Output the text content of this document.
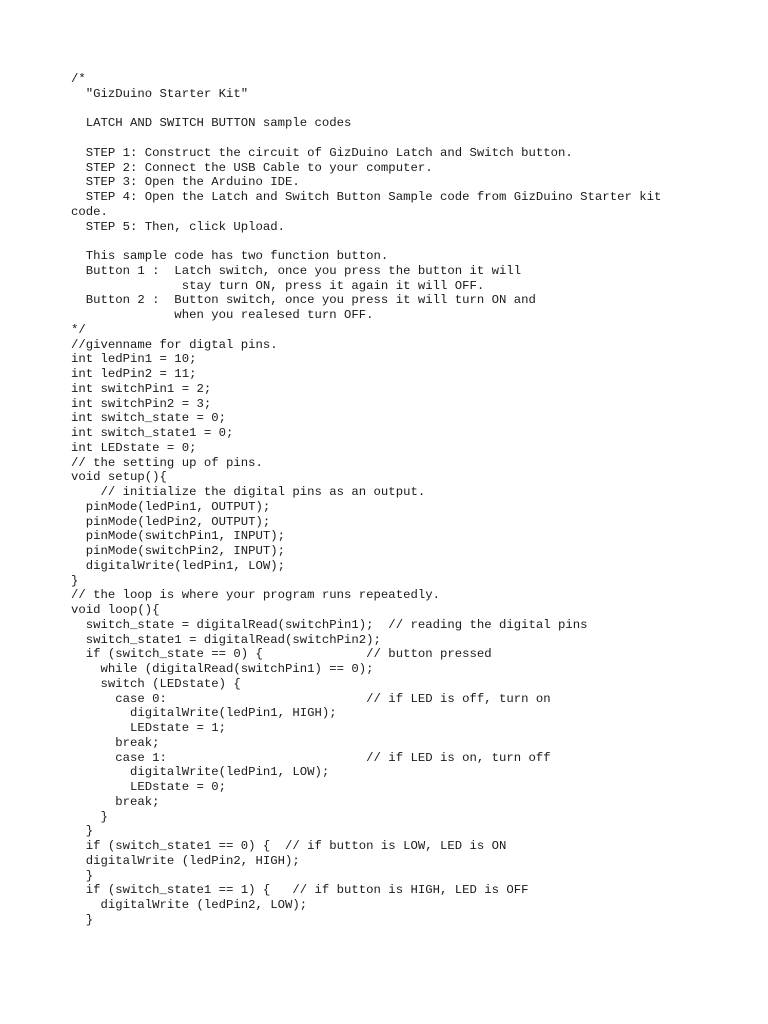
/*
"GizDuino Starter Kit"

LATCH AND SWITCH BUTTON sample codes

STEP 1: Construct the circuit of GizDuino Latch and Switch button.
STEP 2: Connect the USB Cable to your computer.
STEP 3: Open the Arduino IDE.
STEP 4: Open the Latch and Switch Button Sample code from GizDuino Starter kit
code.
STEP 5: Then, click Upload.

This sample code has two function button.
Button 1 :  Latch switch, once you press the button it will
stay turn ON, press it again it will OFF.
Button 2 :  Button switch, once you press it will turn ON and
when you realesed turn OFF.
*/
//givenname for digtal pins.
int ledPin1 = 10;
int ledPin2 = 11;
int switchPin1 = 2;
int switchPin2 = 3;
int switch_state = 0;
int switch_state1 = 0;
int LEDstate = 0;
// the setting up of pins.
void setup(){
// initialize the digital pins as an output.
pinMode(ledPin1, OUTPUT);
pinMode(ledPin2, OUTPUT);
pinMode(switchPin1, INPUT);
pinMode(switchPin2, INPUT);
digitalWrite(ledPin1, LOW);
}
// the loop is where your program runs repeatedly.
void loop(){
switch_state = digitalRead(switchPin1);  // reading the digital pins
switch_state1 = digitalRead(switchPin2);
if (switch_state == 0) {              // button pressed
while (digitalRead(switchPin1) == 0);
switch (LEDstate) {
case 0:                           // if LED is off, turn on
digitalWrite(ledPin1, HIGH);
LEDstate = 1;
break;
case 1:                           // if LED is on, turn off
digitalWrite(ledPin1, LOW);
LEDstate = 0;
break;
}
}
if (switch_state1 == 0) {  // if button is LOW, LED is ON
digitalWrite (ledPin2, HIGH);
}
if (switch_state1 == 1) {   // if button is HIGH, LED is OFF
digitalWrite (ledPin2, LOW);
}
